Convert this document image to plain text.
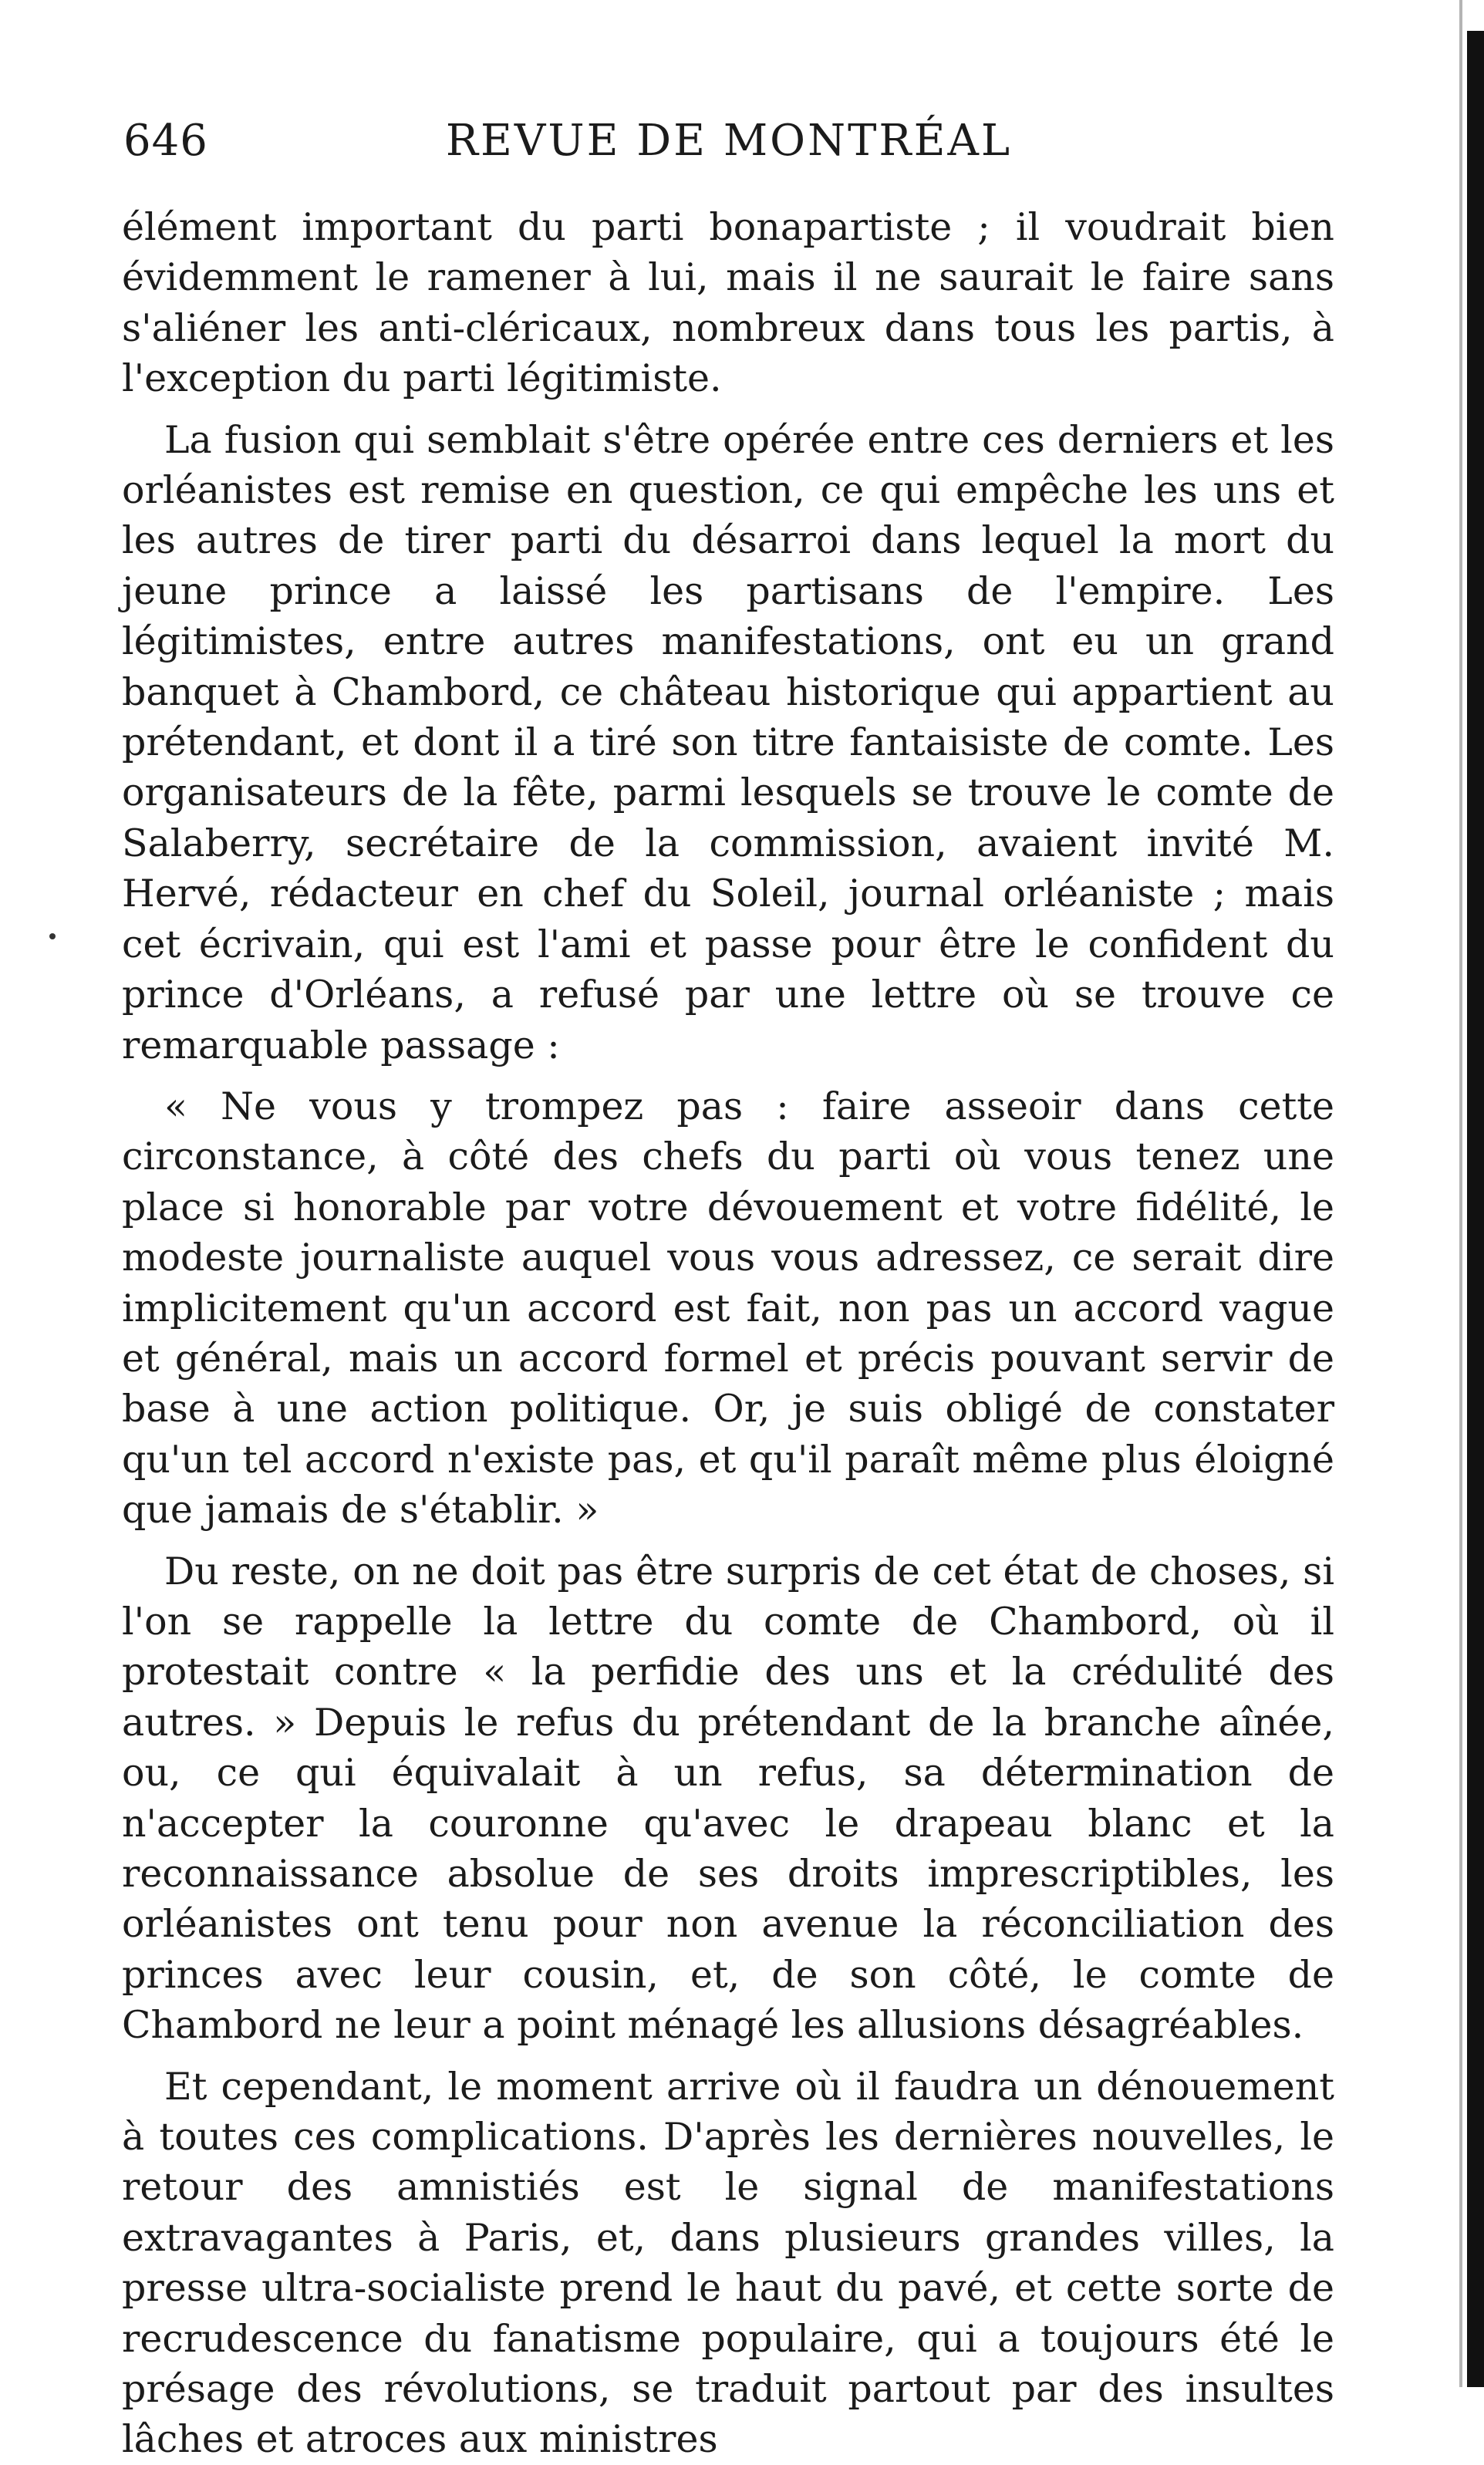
646	REVUE DE MONTRÉAL

élément important du parti bonapartiste ; il voudrait bien évidemment le ramener à lui, mais il ne saurait le faire sans s'aliéner les anti-cléricaux, nombreux dans tous les partis, à l'exception du parti légitimiste.

La fusion qui semblait s'être opérée entre ces derniers et les orléanistes est remise en question, ce qui empêche les uns et les autres de tirer parti du désarroi dans lequel la mort du jeune prince a laissé les partisans de l'empire. Les légitimistes, entre autres manifestations, ont eu un grand banquet à Chambord, ce château historique qui appartient au prétendant, et dont il a tiré son titre fantaisiste de comte. Les organisateurs de la fête, parmi lesquels se trouve le comte de Salaberry, secrétaire de la commission, avaient invité M. Hervé, rédacteur en chef du Soleil, journal orléaniste ; mais cet écrivain, qui est l'ami et passe pour être le confident du prince d'Orléans, a refusé par une lettre où se trouve ce remarquable passage :

« Ne vous y trompez pas : faire asseoir dans cette circonstance, à côté des chefs du parti où vous tenez une place si honorable par votre dévouement et votre fidélité, le modeste journaliste auquel vous vous adressez, ce serait dire implicitement qu'un accord est fait, non pas un accord vague et général, mais un accord formel et précis pouvant servir de base à une action politique. Or, je suis obligé de constater qu'un tel accord n'existe pas, et qu'il paraît même plus éloigné que jamais de s'établir. »

Du reste, on ne doit pas être surpris de cet état de choses, si l'on se rappelle la lettre du comte de Chambord, où il protestait contre « la perfidie des uns et la crédulité des autres. » Depuis le refus du prétendant de la branche aînée, ou, ce qui équivalait à un refus, sa détermination de n'accepter la couronne qu'avec le drapeau blanc et la reconnaissance absolue de ses droits imprescriptibles, les orléanistes ont tenu pour non avenue la réconciliation des princes avec leur cousin, et, de son côté, le comte de Chambord ne leur a point ménagé les allusions désagréables.

Et cependant, le moment arrive où il faudra un dénouement à toutes ces complications. D'après les dernières nouvelles, le retour des amnistiés est le signal de manifestations extravagantes à Paris, et, dans plusieurs grandes villes, la presse ultra-socialiste prend le haut du pavé, et cette sorte de recrudescence du fanatisme populaire, qui a toujours été le présage des révolutions, se traduit partout par des insultes lâches et atroces aux ministres
